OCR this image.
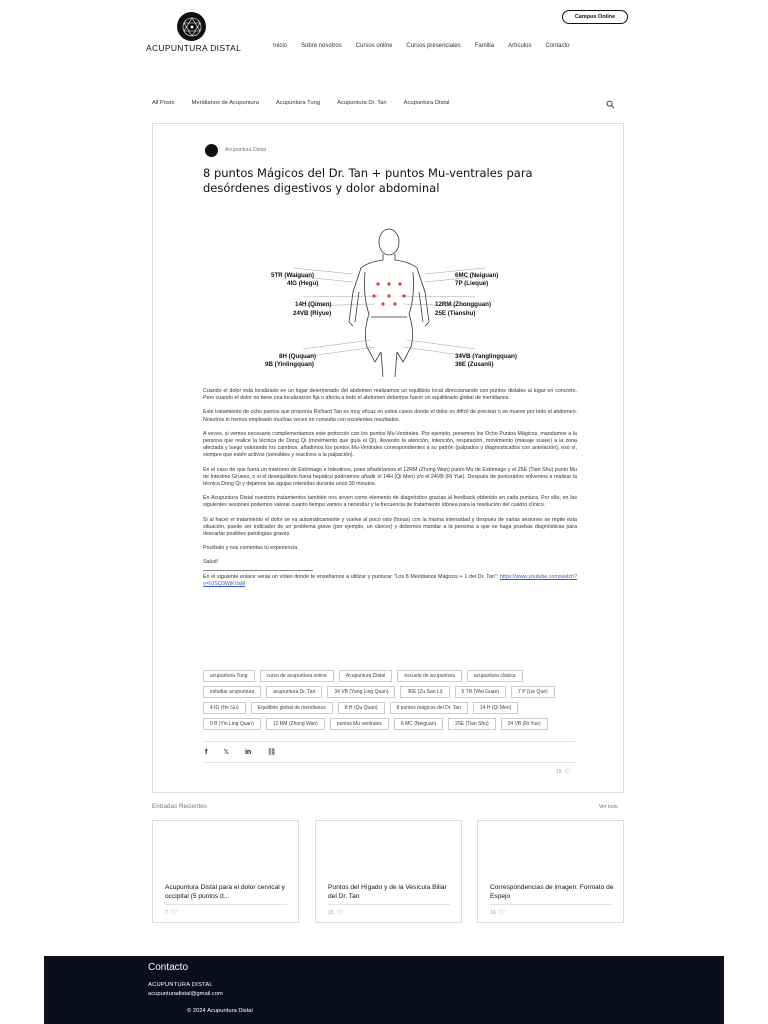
ACUPUNTURA DISTAL
Campus Online
Inicio Sobre nosotros Cursos online Cursos presenciales Familia Artículos Contacto
All Posts	Meridianos de Acupuntura	Acupuntura Tung	Acupuntura Dr. Tan	Acupuntura Distal
Acupuntura Distal
8 puntos Mágicos del Dr. Tan + puntos Mu-ventrales para desórdenes digestivos y dolor abdominal
5TR (Waiguan)
4IG (Hegu)
14H (Qimen)
24VB (Riyue)
8H (Ququan)
9B (Yinlingquan)
6MC (Neiguan)
7P (Lieque)
12RM (Zhongguan)
25E (Tianshu)
34VB (Yanglingquan)
36E (Zusanli)

Cuando el dolor está localizado en un lugar determinado del abdomen realizamos un equilibrio local direccionando con puntos distales al lugar en concreto. Pero cuando el dolor no tiene una localización fija o afecta a todo el abdomen debemos hacer un equilibrado global de meridianos.

Este tratamiento de ocho puntos que proponía Richard Tan es muy eficaz en estos casos donde el dolor es difícil de precisar o se mueve por todo el abdomen. Nosotros lo hemos empleado muchas veces en consulta con excelentes resultados.

A veces, si vemos necesario complementamos este protocolo con los puntos Mu-Ventrales. Por ejemplo, ponemos los Ocho Puntos Mágicos, mandamos a la persona que realice la técnica de Dong Qi (movimiento que guía el Qi), llevando la atención, intención, respiración, movimiento (masaje suave) a la zona afectada y luego valorando los cambios, añadimos los puntos Mu-Ventrales correspondientes a su patrón (palpados y diagnosticados con antelación), eso sí, siempre que estén activos (sensibles y reactivos a la palpación).

En el caso de que fuera un trastorno de Estómago e Intestinos, pues añadiríamos el 12RM (Zhong Wan) punto Mu de Estómago y el 25E (Tian Shu) punto Mu de Intestino Grueso, o si el desequilibrio fuera hepático podríamos añadir el 14H (Qi Men) y/o el 24VB (Ri Yue). Después de punturarlos volvemos a realizar la técnica Dong Qi y dejamos las agujas retenidas durante unos 30 minutos.

En Acupuntura Distal nuestros tratamientos también nos sirven como elemento de diagnóstico gracias al feedback obtenido en cada puntura. Por ello, en las siguientes sesiones podemos valorar cuanto tiempo vamos a necesitar y la frecuencia de tratamiento idónea para la resolución del cuadro clínico.

Si al hacer el tratamiento el dolor se va automáticamente y vuelve al poco rato (horas) con la misma intensidad y después de varias sesiones se repite esta situación, puede ser indicador de un problema grave (por ejemplo, un cáncer) y debemos mandar a la persona a que se haga pruebas diagnósticas para descartar posibles patologías graves.

Pruébalo y nos comentas tu experiencia.

Salud!

En el siguiente enlace verás un vídeo donde te enseñamos a utilizar y punturar "Los 8 Meridianos Mágicos + 1 del Dr. Tan": https://www.youtube.com/watch?v=0JSQ3WjKVaM

acupuntura Tung	curso de acupuntura online	Acupuntura Distal	escuela de acupuntura	acupuntura clásica
estudiar acupuntura	acupuntura Dr. Tan	34 VB (Yang Ling Quan)	36E (Zu San Li)	5 TR (Wai Guan)	7 P (Lie Que)
4 IG (He Gu)	Equilibrio global de meridianos	8 H (Qu Quan)	8 puntos mágicos del Dr. Tan	14 H (Qi Men)
9 B (Yin Ling Quan)	12 RM (Zhong Wan)	puntos Mu ventrales	6 MC (Neiguan)	25E (Tian Shu)	24 VB (Ri Yue)
f 𝕏 in ⛓
19 ♡
Entradas Recientes	Ver todo
Acupuntura Distal para el dolor cervical y occipital (5 puntos d...
7 ♡
Puntos del Hígado y de la Vesícula Biliar del Dr. Tan
15 ♡
Correspondencias de imagen: Formato de Espejo
16 ♡
Contacto
ACUPUNTURA DISTAL
acupunturadistal@gmail.com
© 2024 Acupuntura Distal
